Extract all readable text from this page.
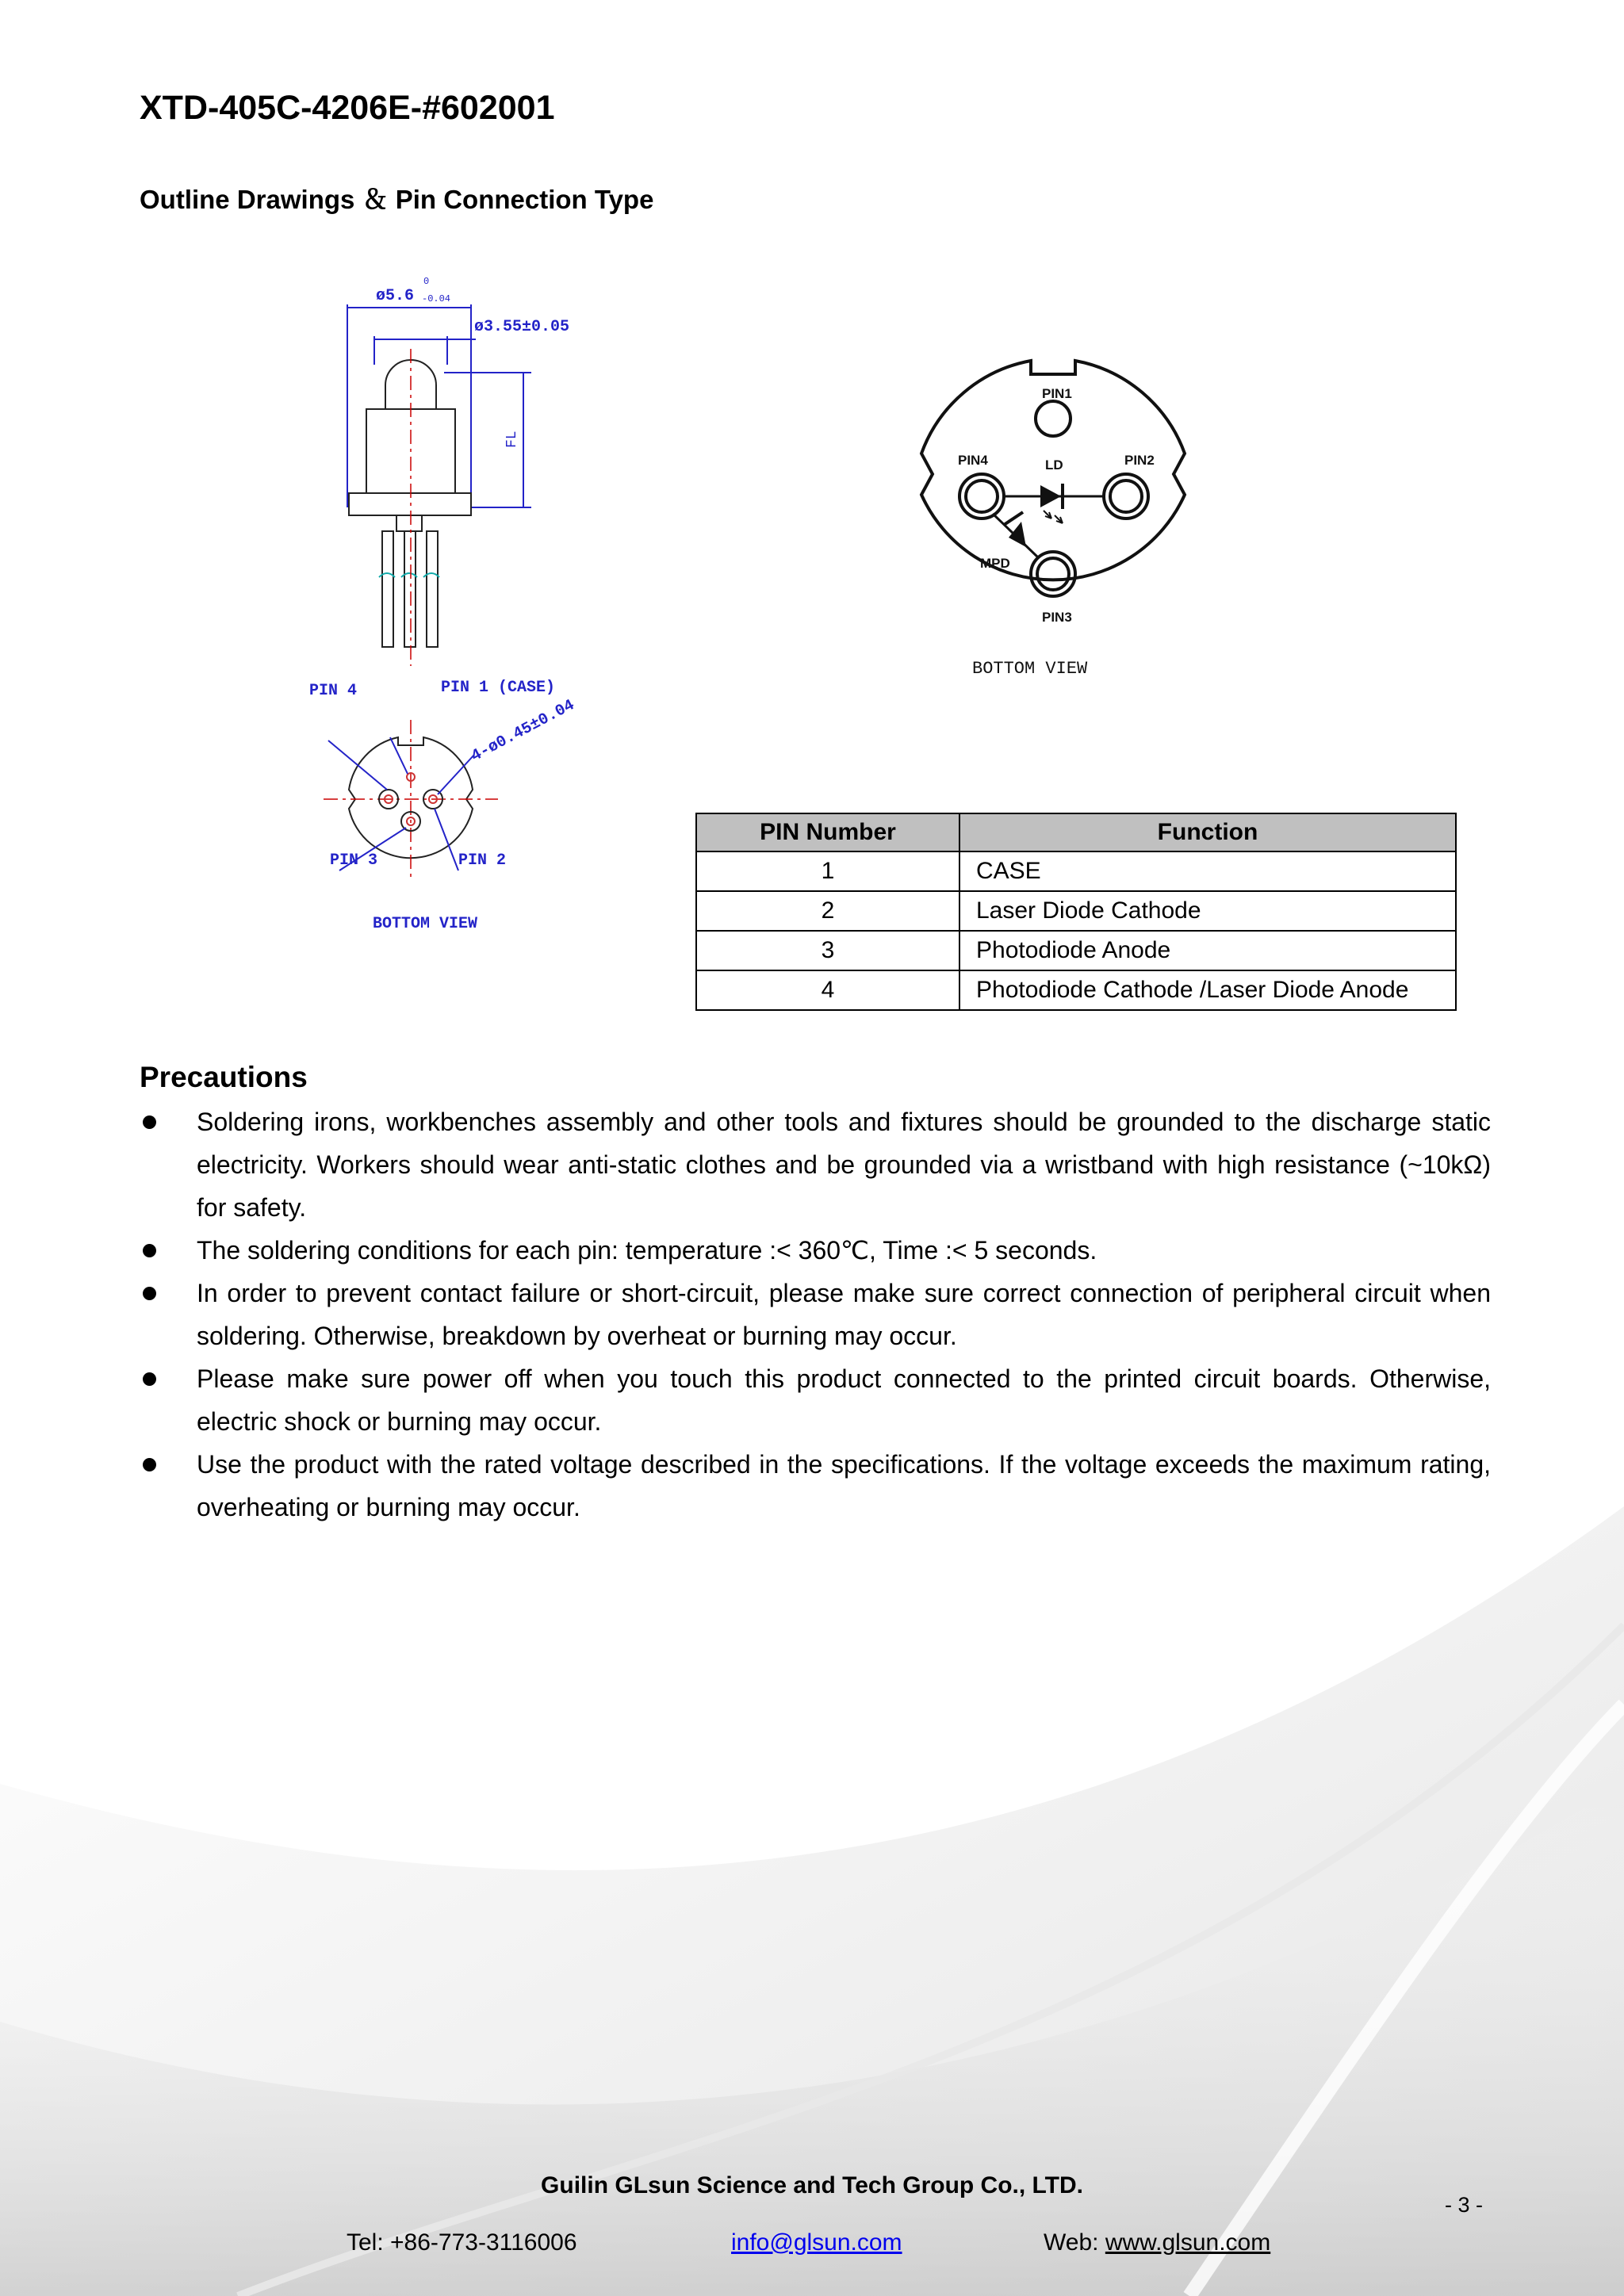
XTD-405C-4206E-#602001
Outline Drawings ＆ Pin Connection Type
ø5.6
0
-0.04
ø3.55±0.05
FL
PIN 4	PIN 1 (CASE)
4-ø0.45±0.04
PIN 3	PIN 2
BOTTOM VIEW
PIN1
PIN4	PIN2
LD
MPD
PIN3
BOTTOM VIEW
PIN Number	Function
1	CASE
2	Laser Diode Cathode
3	Photodiode Anode
4	Photodiode Cathode /Laser Diode Anode
Precautions
Soldering irons, workbenches assembly and other tools and fixtures should be grounded to the discharge static electricity. Workers should wear anti-static clothes and be grounded via a wristband with high resistance (~10kΩ) for safety.
The soldering conditions for each pin: temperature :< 360℃, Time :< 5 seconds.
In order to prevent contact failure or short-circuit, please make sure correct connection of peripheral circuit when soldering. Otherwise, breakdown by overheat or burning may occur.
Please make sure power off when you touch this product connected to the printed circuit boards. Otherwise, electric shock or burning may occur.
Use the product with the rated voltage described in the specifications. If the voltage exceeds the maximum rating, overheating or burning may occur.
Guilin GLsun Science and Tech Group Co., LTD.
- 3 -
Tel: +86-773-3116006	info@glsun.com	Web: www.glsun.com
